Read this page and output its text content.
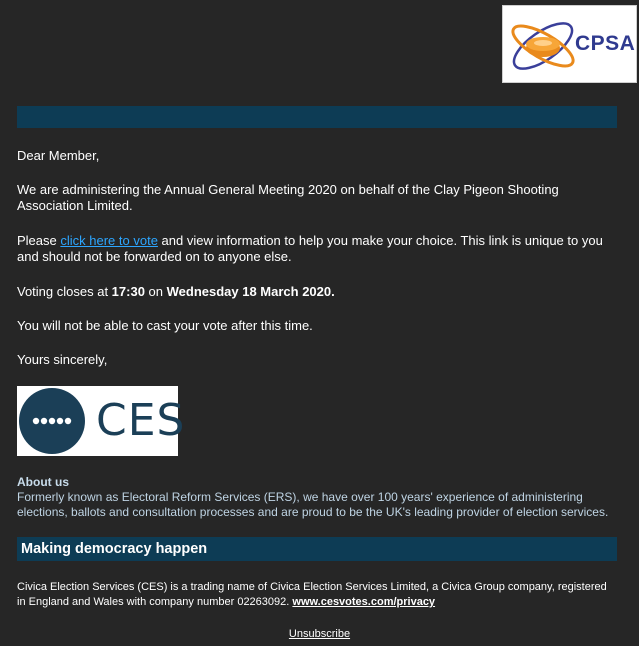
CPSA
Dear Member,
We are administering the Annual General Meeting 2020 on behalf of the Clay Pigeon Shooting Association Limited.
Please click here to vote and view information to help you make your choice. This link is unique to you and should not be forwarded on to anyone else.
Voting closes at 17:30 on Wednesday 18 March 2020.
You will not be able to cast your vote after this time.
Yours sincerely,
CES
About us
Formerly known as Electoral Reform Services (ERS), we have over 100 years' experience of administering elections, ballots and consultation processes and are proud to be the UK's leading provider of election services.
Making democracy happen
Civica Election Services (CES) is a trading name of Civica Election Services Limited, a Civica Group company, registered in England and Wales with company number 02263092. www.cesvotes.com/privacy
Unsubscribe
